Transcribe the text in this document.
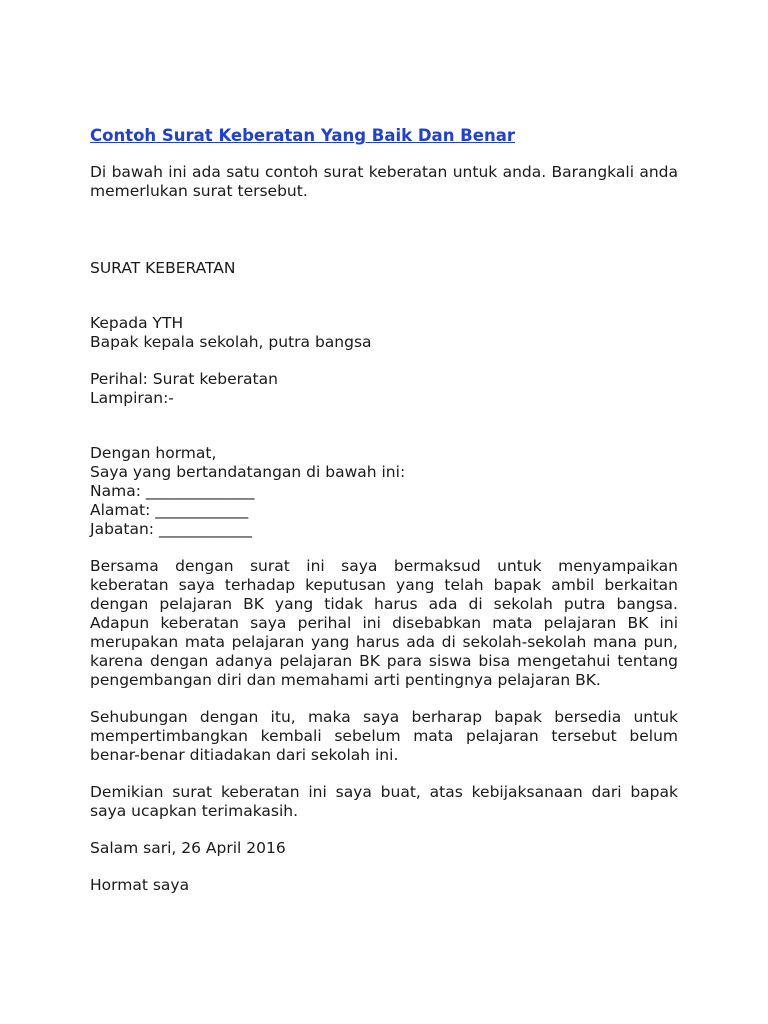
Contoh Surat Keberatan Yang Baik Dan Benar

Di bawah ini ada satu contoh surat keberatan untuk anda. Barangkali anda memerlukan surat tersebut.

SURAT KEBERATAN

Kepada YTH
Bapak kepala sekolah, putra bangsa
Perihal: Surat keberatan
Lampiran:-
Dengan hormat,
Saya yang bertandatangan di bawah ini:
Nama: ______________
Alamat: ____________
Jabatan: ____________

Bersama dengan surat ini saya bermaksud untuk menyampaikan keberatan saya terhadap keputusan yang telah bapak ambil berkaitan dengan pelajaran BK yang tidak harus ada di sekolah putra bangsa. Adapun keberatan saya perihal ini disebabkan mata pelajaran BK ini merupakan mata pelajaran yang harus ada di sekolah-sekolah mana pun, karena dengan adanya pelajaran BK para siswa bisa mengetahui tentang pengembangan diri dan memahami arti pentingnya pelajaran BK.

Sehubungan dengan itu, maka saya berharap bapak bersedia untuk mempertimbangkan kembali sebelum mata pelajaran tersebut belum benar-benar ditiadakan dari sekolah ini.

Demikian surat keberatan ini saya buat, atas kebijaksanaan dari bapak saya ucapkan terimakasih.

Salam sari, 26 April 2016

Hormat saya
